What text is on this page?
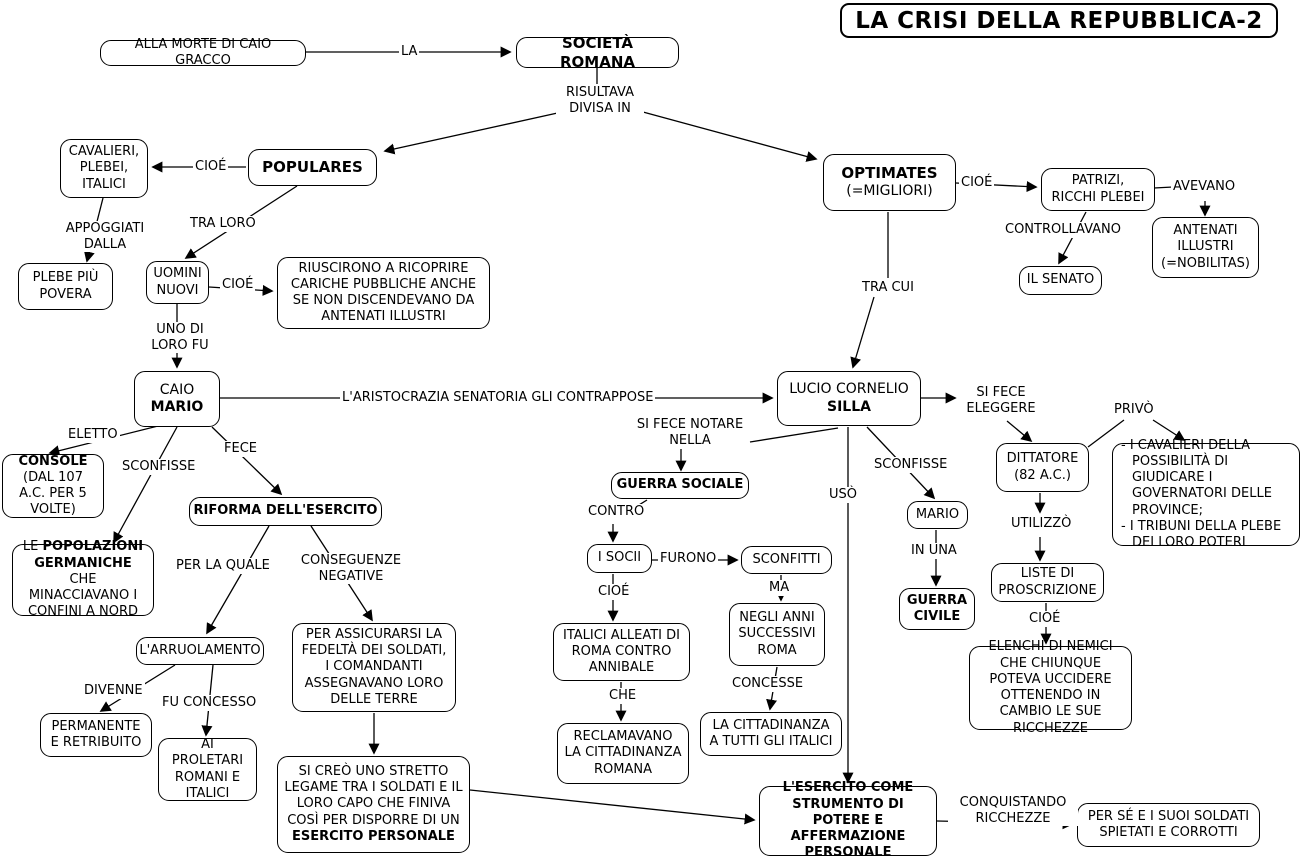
LA CRISI DELLA REPUBBLICA-2
ALLA MORTE DI CAIO GRACCO
SOCIETÀ ROMANA
CAVALIERI, PLEBEI, ITALICI
POPULARES
PLEBE PIÙ POVERA
UOMINI NUOVI
RIUSCIRONO A RICOPRIRE CARICHE PUBBLICHE ANCHE SE NON DISCENDEVANO DA ANTENATI ILLUSTRI
OPTIMATES
(=MIGLIORI)
PATRIZI, RICCHI PLEBEI
ANTENATI ILLUSTRI (=NOBILITAS)
IL SENATO
CAIO
MARIO
CONSOLE (DAL 107 A.C. PER 5 VOLTE)
LE POPOLAZIONI GERMANICHE CHE MINACCIAVANO I CONFINI A NORD
RIFORMA DELL'ESERCITO
L'ARRUOLAMENTO
PERMANENTE E RETRIBUITO	AI PROLETARI ROMANI E ITALICI
PER ASSICURARSI LA FEDELTÀ DEI SOLDATI, I COMANDANTI ASSEGNAVANO LORO DELLE TERRE
SI CREÒ UNO STRETTO LEGAME TRA I SOLDATI E IL LORO CAPO CHE FINIVA COSÌ PER DISPORRE DI UN ESERCITO PERSONALE
GUERRA SOCIALE
I SOCII	SCONFITTI
ITALICI ALLEATI DI ROMA CONTRO ANNIBALE
RECLAMAVANO LA CITTADINANZA ROMANA
NEGLI ANNI SUCCESSIVI ROMA
LA CITTADINANZA A TUTTI GLI ITALICI
LUCIO CORNELIO
SILLA
MARIO
GUERRA CIVILE
DITTATORE (82 A.C.)
- I CAVALIERI DELLA POSSIBILITÀ DI GIUDICARE I GOVERNATORI DELLE PROVINCE;
- I TRIBUNI DELLA PLEBE DEI LORO POTERI
LISTE DI PROSCRIZIONE
ELENCHI DI NEMICI CHE CHIUNQUE POTEVA UCCIDERE OTTENENDO IN CAMBIO LE SUE RICCHEZZE
L'ESERCITO COME STRUMENTO DI POTERE E AFFERMAZIONE PERSONALE
PER SÉ E I SUOI SOLDATI SPIETATI E CORROTTI
LA
RISULTAVA DIVISA IN
CIOÉ
APPOGGIATI DALLA
TRA LORO
CIOÉ
UNO DI LORO FU
CIOÉ	AVEVANO
CONTROLLAVANO
TRA CUI
L'ARISTOCRAZIA SENATORIA GLI CONTRAPPOSE
ELETTO
SCONFISSE
FECE
PER LA QUALE	CONSEGUENZE NEGATIVE
DIVENNE
FU CONCESSO
SI FECE NOTARE NELLA
CONTRO
FURONO
CIOÉ
CHE
MA
CONCESSE
SI FECE ELEGGERE
SCONFISSE
USÒ
IN UNA
PRIVÒ
UTILIZZÒ
CIOÉ
CONQUISTANDO RICCHEZZE
